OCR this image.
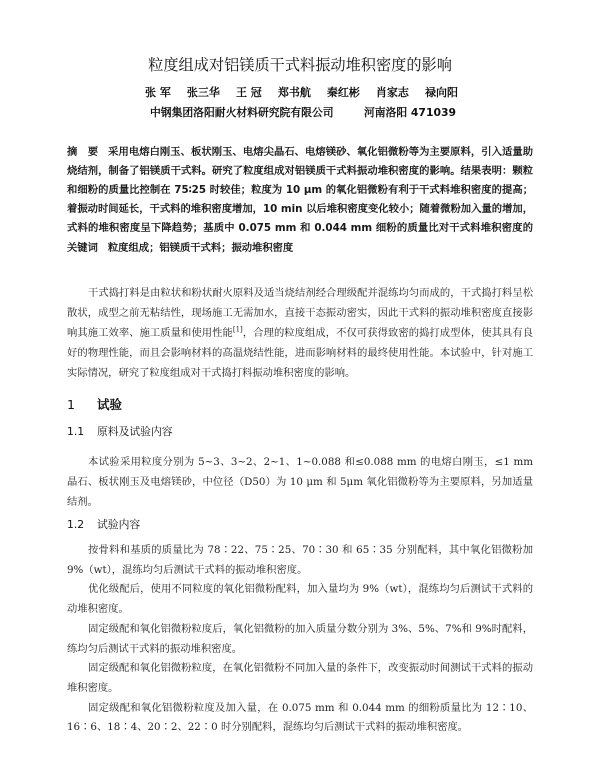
粒度组成对铝镁质干式料振动堆积密度的影响
张 军 张三华 王 冠 郑书航 秦红彬 肖家志 禄向阳
中钢集团洛阳耐火材料研究院有限公司	河南洛阳 471039
摘　要 采用电熔白刚玉、板状刚玉、电熔尖晶石、电熔镁砂、氧化铝微粉等为主要原料，引入适量助
烧结剂，制备了铝镁质干式料。研究了粒度组成对铝镁质干式料振动堆积密度的影响。结果表明：颗粒
和细粉的质量比控制在 75∶25 时较佳；粒度为 10 μm 的氧化铝微粉有利于干式料堆积密度的提高；
着振动时间延长，干式料的堆积密度增加，10 min 以后堆积密度变化较小；随着微粉加入量的增加，
式料的堆积密度呈下降趋势；基质中 0.075 mm 和 0.044 mm 细粉的质量比对干式料堆积密度的
关键词 粒度组成；铝镁质干式料；振动堆积密度
干式捣打料是由粒状和粉状耐火原料及适当烧结剂经合理级配并混练均匀而成的，干式捣打料呈松
散状，成型之前无粘结性，现场施工无需加水，直接干态振动密实，因此干式料的振动堆积密度直接影
响其施工效率、施工质量和使用性能[1]，合理的粒度组成，不仅可获得致密的捣打成型体，使其具有良
好的物理性能，而且会影响材料的高温烧结性能，进而影响材料的最终使用性能。本试验中，针对施工
实际情况，研究了粒度组成对干式捣打料振动堆积密度的影响。
1 试验
1.1 原料及试验内容
本试验采用粒度分别为 5~3、3~2、2~1、1~0.088 和≤0.088 mm 的电熔白刚玉，≤1 mm
晶石、板状刚玉及电熔镁砂，中位径（D50）为 10 μm 和 5μm 氧化铝微粉等为主要原料，另加适量
结剂。
1.2 试验内容
按骨料和基质的质量比为 78∶22、75∶25、70∶30 和 65∶35 分别配料，其中氧化铝微粉加
9%（wt），混练均匀后测试干式料的振动堆积密度。
优化级配后，使用不同粒度的氧化铝微粉配料，加入量均为 9%（wt），混练均匀后测试干式料的
动堆积密度。
固定级配和氧化铝微粉粒度后，氧化铝微粉的加入质量分数分别为 3%、5%、7%和 9%时配料，
练均匀后测试干式料的振动堆积密度。
固定级配和氧化铝微粉粒度，在氧化铝微粉不同加入量的条件下，改变振动时间测试干式料的振动
堆积密度。
固定级配和氧化铝微粉粒度及加入量，在 0.075 mm 和 0.044 mm 的细粉质量比为 12∶10、
16∶6、18∶4、20∶2、22∶0 时分别配料，混练均匀后测试干式料的振动堆积密度。
